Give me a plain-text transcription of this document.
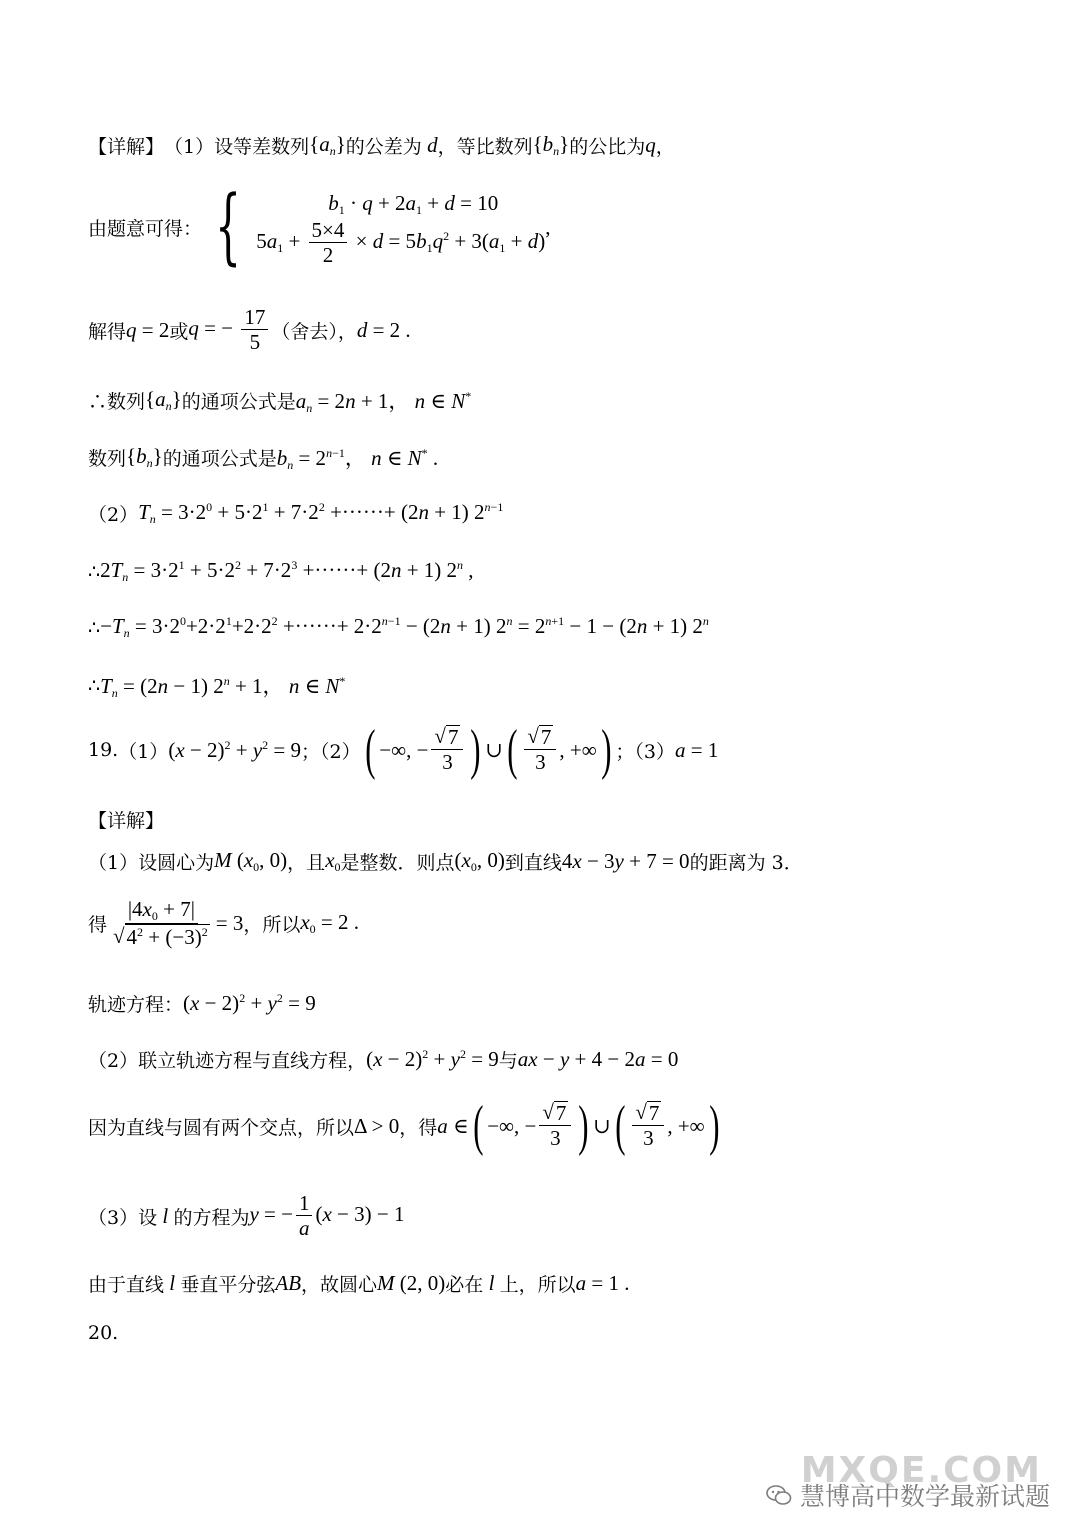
【详解】 （1）设等差数列 $\{a_n\}$ 的公差为 d ，等比数列 $\{b_n\}$ 的公比为 q ，
由题意可得： {	$b_1 \cdot q + 2a_1 + d = 10$
$5a_1 + \frac{5\times 4}{2} \times d = 5b_1q^2 + 3(a_1 + d)$
,
解得 q = 2 或 q = − $\frac{17}{5}$ （舍去）， d = 2 .
∴数列 $\{a_n\}$ 的通项公式是 $a_n = 2n + 1$， n ∈ N*
数列 $\{b_n\}$ 的通项公式是 $b_n = 2^{n-1}$， n ∈ N* .
（2） $T_n = 3\cdot 2^0 + 5\cdot 2^1 + 7\cdot 2^2$ +······+ (2n + 1) $2^{n-1}$
∴ $2T_n = 3\cdot 2^1 + 5\cdot 2^2 + 7\cdot 2^3$ +······+ (2n + 1) 2$^n$ ,
∴ $-T_n = 3\cdot 2^0+2\cdot 2^1+2\cdot 2^2$ +······+ $2\cdot 2^{n-1} - (2n + 1) 2^n = 2^{n+1} - 1 - (2n + 1)$ 2$^n$
∴ $T_n = (2n - 1) 2^n + 1$， n ∈ N*
19. （1） $(x - 2)^2 + y^2 = 9$ ；（2） ( −∞, − $\frac{√ 7}{3}$ ) ∪ ( $\frac{√ 7}{3}$ , +∞ ) ；（3） a = 1
【详解】
（1）设圆心为 M ($x_0$, 0) ，且 $x_0$ 是整数．则点 ($x_0$, 0) 到直线 4x − 3y + 7 = 0 的距离为 3．
得 $\frac{|4x_0 + 7|}{√ 4^2 + (-3)^2} = 3$ ，所以 $x_0 = 2$ .
轨迹方程： $(x - 2)^2 + y^2 = 9$
（2）联立轨迹方程与直线方程， $(x - 2)^2 + y^2 = 9$ 与 ax − y + 4 − 2a = 0
因为直线与圆有两个交点，所以 Δ > 0 ，得 a ∈ ( −∞, − $\frac{√ 7}{3}$ ) ∪ ( $\frac{√ 7}{3}$ , +∞ )
（3）设 l 的方程为 y = − $\frac{1}{a} (x - 3) - 1$
由于直线 l 垂直平分弦 AB ，故圆心 M (2, 0) 必在 l 上，所以 a = 1 .
20.
MXQE.COM
慧博高中数学最新试题
